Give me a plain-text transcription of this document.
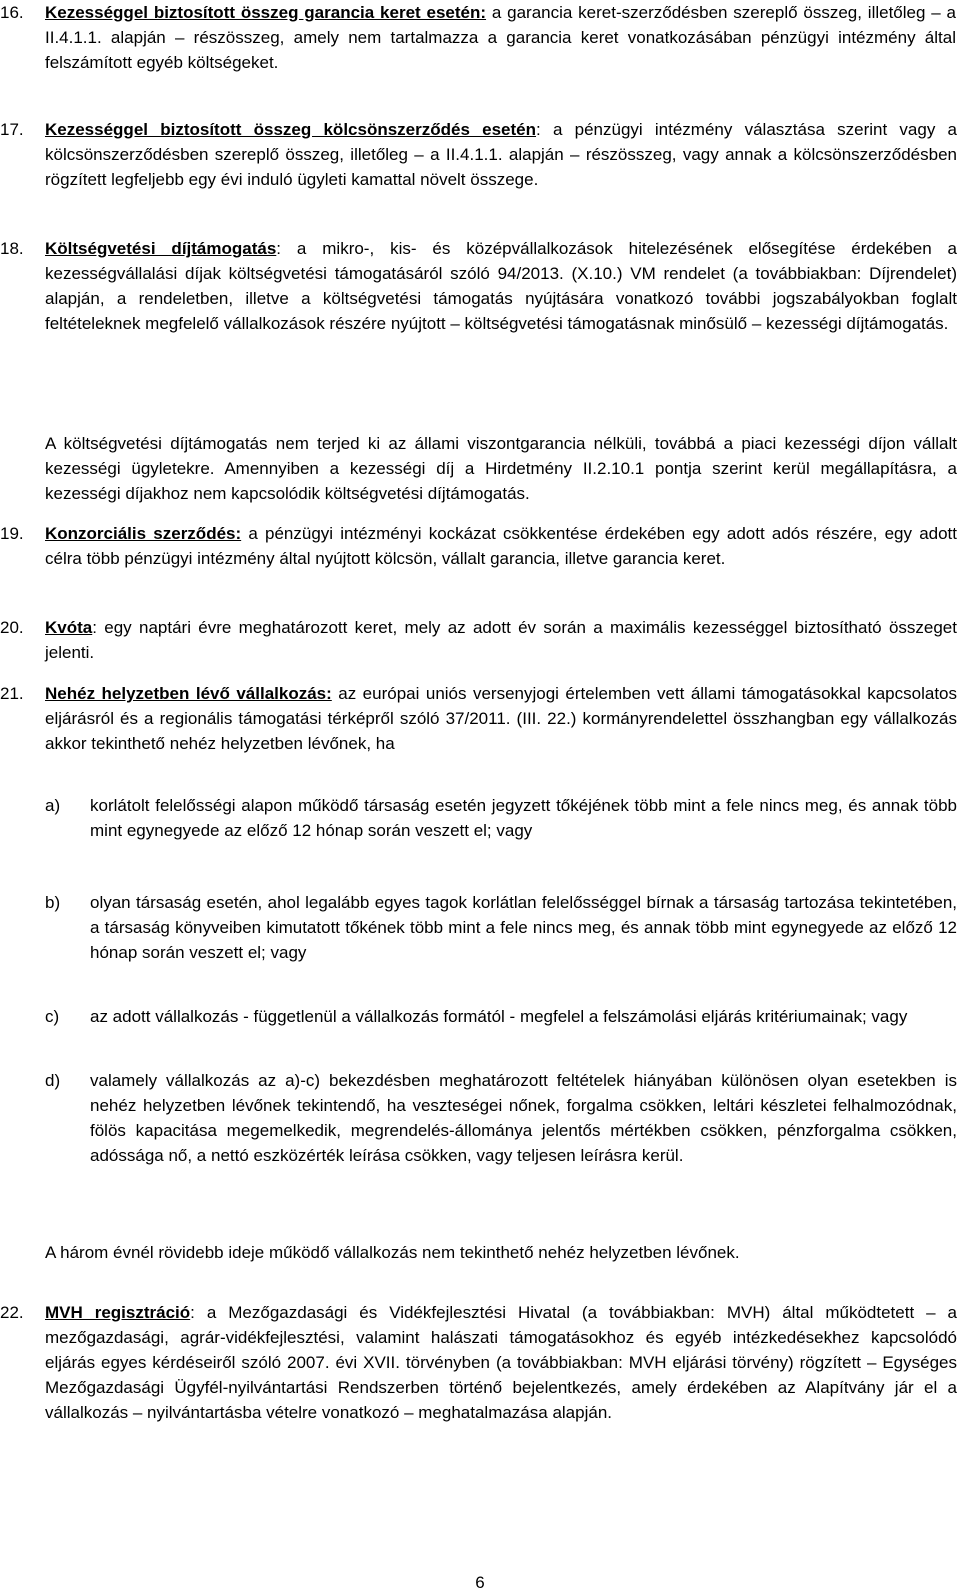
16. Kezességgel biztosított összeg garancia keret esetén: a garancia keret-szerződésben szereplő összeg, illetőleg – a II.4.1.1. alapján – részösszeg, amely nem tartalmazza a garancia keret vonatkozásában pénzügyi intézmény által felszámított egyéb költségeket.
17. Kezességgel biztosított összeg kölcsönszerződés esetén: a pénzügyi intézmény választása szerint vagy a kölcsönszerződésben szereplő összeg, illetőleg – a II.4.1.1. alapján – részösszeg, vagy annak a kölcsönszerződésben rögzített legfeljebb egy évi induló ügyleti kamattal növelt összege.
18. Költségvetési díjtámogatás: a mikro-, kis- és középvállalkozások hitelezésének elősegítése érdekében a kezességvállalási díjak költségvetési támogatásáról szóló 94/2013. (X.10.) VM rendelet (a továbbiakban: Díjrendelet) alapján, a rendeletben, illetve a költségvetési támogatás nyújtására vonatkozó további jogszabályokban foglalt feltételeknek megfelelő vállalkozások részére nyújtott – költségvetési támogatásnak minősülő – kezességi díjtámogatás.
A költségvetési díjtámogatás nem terjed ki az állami viszontgarancia nélküli, továbbá a piaci kezességi díjon vállalt kezességi ügyletekre. Amennyiben a kezességi díj a Hirdetmény II.2.10.1 pontja szerint kerül megállapításra, a kezességi díjakhoz nem kapcsolódik költségvetési díjtámogatás.
19. Konzorciális szerződés: a pénzügyi intézményi kockázat csökkentése érdekében egy adott adós részére, egy adott célra több pénzügyi intézmény által nyújtott kölcsön, vállalt garancia, illetve garancia keret.
20. Kvóta: egy naptári évre meghatározott keret, mely az adott év során a maximális kezességgel biztosítható összeget jelenti.
21. Nehéz helyzetben lévő vállalkozás: az európai uniós versenyjogi értelemben vett állami támogatásokkal kapcsolatos eljárásról és a regionális támogatási térképről szóló 37/2011. (III. 22.) kormányrendelettel összhangban egy vállalkozás akkor tekinthető nehéz helyzetben lévőnek, ha
a) korlátolt felelősségi alapon működő társaság esetén jegyzett tőkéjének több mint a fele nincs meg, és annak több mint egynegyede az előző 12 hónap során veszett el; vagy
b) olyan társaság esetén, ahol legalább egyes tagok korlátlan felelősséggel bírnak a társaság tartozása tekintetében, a társaság könyveiben kimutatott tőkének több mint a fele nincs meg, és annak több mint egynegyede az előző 12 hónap során veszett el; vagy
c) az adott vállalkozás - függetlenül a vállalkozás formától - megfelel a felszámolási eljárás kritériumainak; vagy
d) valamely vállalkozás az a)-c) bekezdésben meghatározott feltételek hiányában különösen olyan esetekben is nehéz helyzetben lévőnek tekintendő, ha veszteségei nőnek, forgalma csökken, leltári készletei felhalmozódnak, fölös kapacitása megemelkedik, megrendelés-állománya jelentős mértékben csökken, pénzforgalma csökken, adóssága nő, a nettó eszközérték leírása csökken, vagy teljesen leírásra kerül.
A három évnél rövidebb ideje működő vállalkozás nem tekinthető nehéz helyzetben lévőnek.
22. MVH regisztráció: a Mezőgazdasági és Vidékfejlesztési Hivatal (a továbbiakban: MVH) által működtetett – a mezőgazdasági, agrár-vidékfejlesztési, valamint halászati támogatásokhoz és egyéb intézkedésekhez kapcsolódó eljárás egyes kérdéseiről szóló 2007. évi XVII. törvényben (a továbbiakban: MVH eljárási törvény) rögzített – Egységes Mezőgazdasági Ügyfél-nyilvántartási Rendszerben történő bejelentkezés, amely érdekében az Alapítvány jár el a vállalkozás – nyilvántartásba vételre vonatkozó – meghatalmazása alapján.
6
